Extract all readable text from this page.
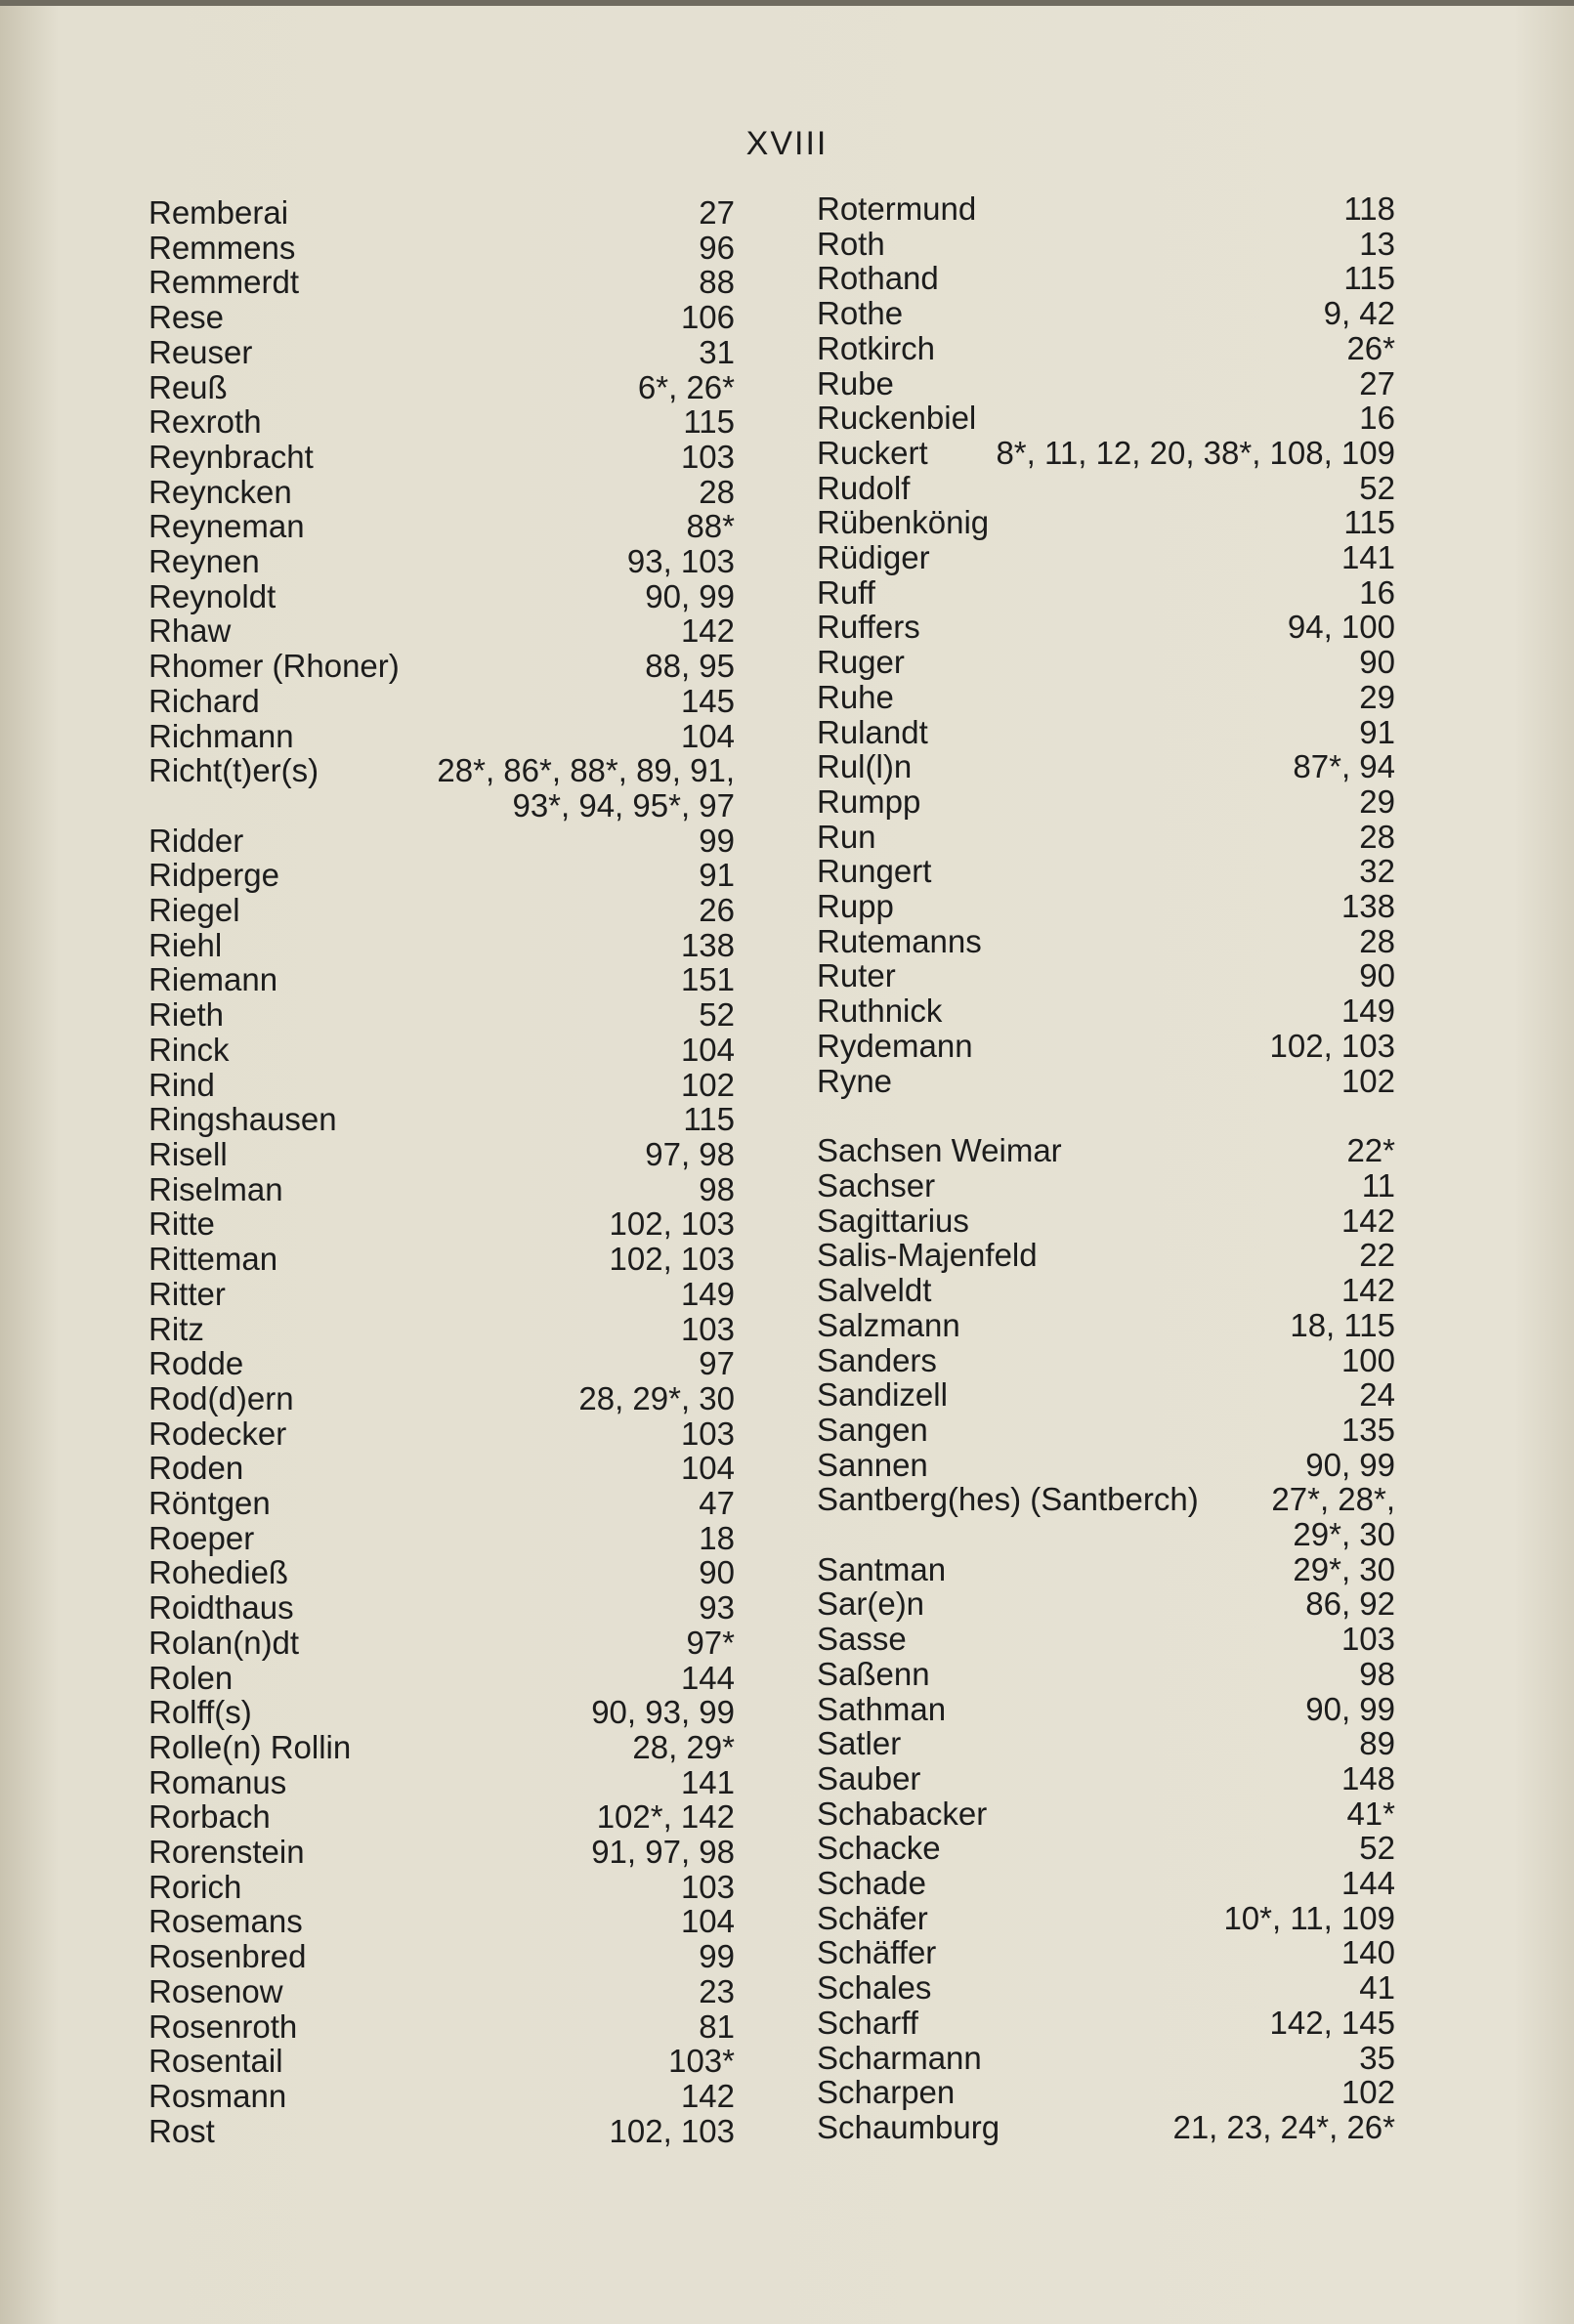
XVIII
Remberai	27
Remmens	96
Remmerdt	88
Rese	106
Reuser	31
Reuß	6*, 26*
Rexroth	115
Reynbracht	103
Reyncken	28
Reyneman	88*
Reynen	93, 103
Reynoldt	90, 99
Rhaw	142
Rhomer (Rhoner)	88, 95
Richard	145
Richmann	104
Richt(t)er(s)	28*, 86*, 88*, 89, 91,
93*, 94, 95*, 97
Ridder	99
Ridperge	91
Riegel	26
Riehl	138
Riemann	151
Rieth	52
Rinck	104
Rind	102
Ringshausen	115
Risell	97, 98
Riselman	98
Ritte	102, 103
Ritteman	102, 103
Ritter	149
Ritz	103
Rodde	97
Rod(d)ern	28, 29*, 30
Rodecker	103
Roden	104
Röntgen	47
Roeper	18
Rohedieß	90
Roidthaus	93
Rolan(n)dt	97*
Rolen	144
Rolff(s)	90, 93, 99
Rolle(n) Rollin	28, 29*
Romanus	141
Rorbach	102*, 142
Rorenstein	91, 97, 98
Rorich	103
Rosemans	104
Rosenbred	99
Rosenow	23
Rosenroth	81
Rosentail	103*
Rosmann	142
Rost	102, 103
Rotermund	118
Roth	13
Rothand	115
Rothe	9, 42
Rotkirch	26*
Rube	27
Ruckenbiel	16
Ruckert 8*, 11, 12, 20, 38*, 108, 109
Rudolf	52
Rübenkönig	115
Rüdiger	141
Ruff	16
Ruffers	94, 100
Ruger	90
Ruhe	29
Rulandt	91
Rul(l)n	87*, 94
Rumpp	29
Run	28
Rungert	32
Rupp	138
Rutemanns	28
Ruter	90
Ruthnick	149
Rydemann	102, 103
Ryne	102
Sachsen Weimar	22*
Sachser	11
Sagittarius	142
Salis-Majenfeld	22
Salveldt	142
Salzmann	18, 115
Sanders	100
Sandizell	24
Sangen	135
Sannen	90, 99
Santberg(hes) (Santberch) 27*, 28*,
29*, 30
Santman	29*, 30
Sar(e)n	86, 92
Sasse	103
Saßenn	98
Sathman	90, 99
Satler	89
Sauber	148
Schabacker	41*
Schacke	52
Schade	144
Schäfer	10*, 11, 109
Schäffer	140
Schales	41
Scharff	142, 145
Scharmann	35
Scharpen	102
Schaumburg	21, 23, 24*, 26*
